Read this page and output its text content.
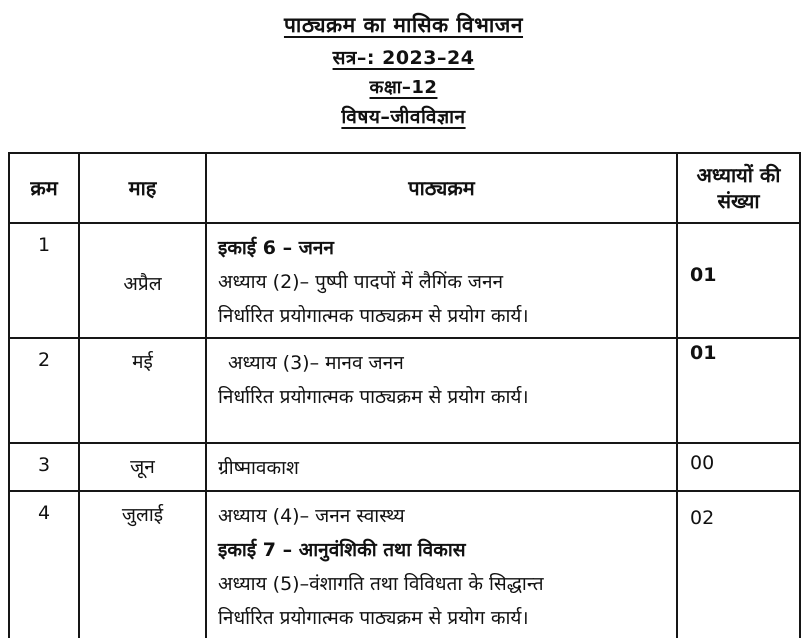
पाठ्यक्रम का मासिक विभाजन
सत्र–: 2023–24
कक्षा–12
विषय–जीवविज्ञान
क्रम	माह	पाठ्यक्रम	अध्यायों की संख्या
1	अप्रैल	इकाई 6 – जनन
अध्याय (2)– पुष्पी पादपों में लैगिंक जनन
निर्धारित प्रयोगात्मक पाठ्यक्रम से प्रयोग कार्य।	01
2	मई	अध्याय (3)– मानव जनन
निर्धारित प्रयोगात्मक पाठ्यक्रम से प्रयोग कार्य।	01
3	जून	ग्रीष्मावकाश	00
4	जुलाई	अध्याय (4)– जनन स्वास्थ्य
इकाई 7 – आनुवंशिकी तथा विकास
अध्याय (5)–वंशागति तथा विविधता के सिद्धान्त
निर्धारित प्रयोगात्मक पाठ्यक्रम से प्रयोग कार्य।	02
